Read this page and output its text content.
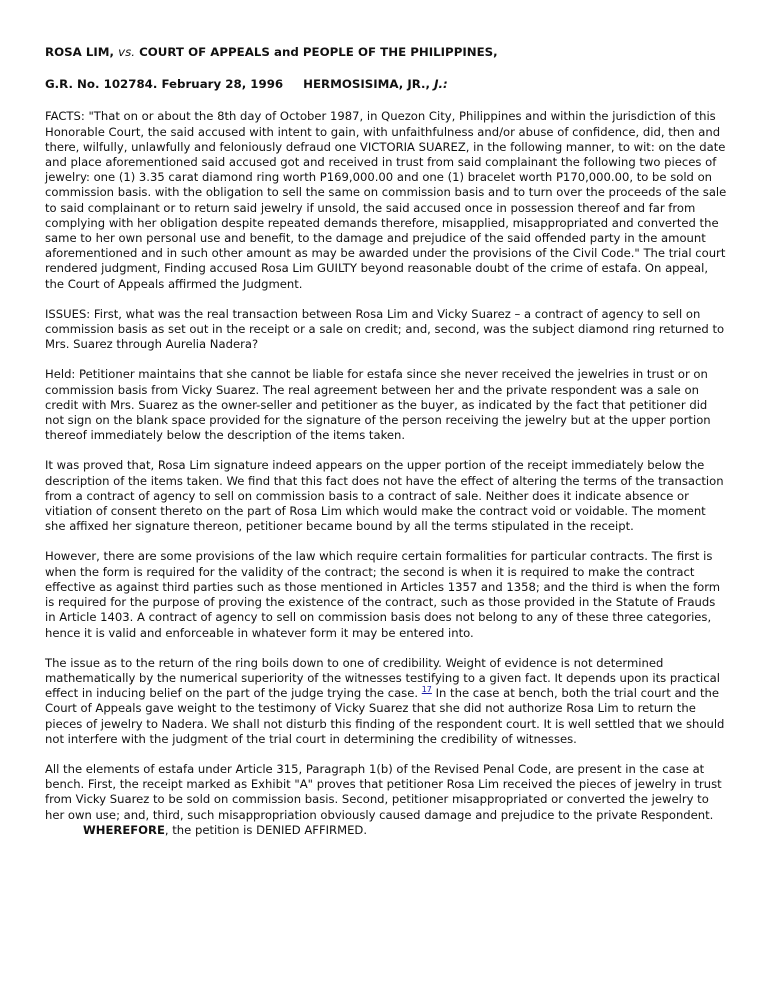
ROSA LIM, vs. COURT OF APPEALS and PEOPLE OF THE PHILIPPINES,
G.R. No. 102784. February 28, 1996 HERMOSISIMA, JR., J.:

FACTS: "That on or about the 8th day of October 1987, in Quezon City, Philippines and within the jurisdiction of this Honorable Court, the said accused with intent to gain, with unfaithfulness and/or abuse of confidence, did, then and there, wilfully, unlawfully and feloniously defraud one VICTORIA SUAREZ, in the following manner, to wit: on the date and place aforementioned said accused got and received in trust from said complainant the following two pieces of jewelry: one (1) 3.35 carat diamond ring worth P169,000.00 and one (1) bracelet worth P170,000.00, to be sold on commission basis. with the obligation to sell the same on commission basis and to turn over the proceeds of the sale to said complainant or to return said jewelry if unsold, the said accused once in possession thereof and far from complying with her obligation despite repeated demands therefore, misapplied, misappropriated and converted the same to her own personal use and benefit, to the damage and prejudice of the said offended party in the amount aforementioned and in such other amount as may be awarded under the provisions of the Civil Code." The trial court rendered judgment, Finding accused Rosa Lim GUILTY beyond reasonable doubt of the crime of estafa. On appeal, the Court of Appeals affirmed the Judgment.

ISSUES: First, what was the real transaction between Rosa Lim and Vicky Suarez – a contract of agency to sell on commission basis as set out in the receipt or a sale on credit; and, second, was the subject diamond ring returned to Mrs. Suarez through Aurelia Nadera?

Held: Petitioner maintains that she cannot be liable for estafa since she never received the jewelries in trust or on commission basis from Vicky Suarez. The real agreement between her and the private respondent was a sale on credit with Mrs. Suarez as the owner-seller and petitioner as the buyer, as indicated by the fact that petitioner did not sign on the blank space provided for the signature of the person receiving the jewelry but at the upper portion thereof immediately below the description of the items taken.

It was proved that, Rosa Lim signature indeed appears on the upper portion of the receipt immediately below the description of the items taken. We find that this fact does not have the effect of altering the terms of the transaction from a contract of agency to sell on commission basis to a contract of sale. Neither does it indicate absence or vitiation of consent thereto on the part of Rosa Lim which would make the contract void or voidable. The moment she affixed her signature thereon, petitioner became bound by all the terms stipulated in the receipt.

However, there are some provisions of the law which require certain formalities for particular contracts. The first is when the form is required for the validity of the contract; the second is when it is required to make the contract effective as against third parties such as those mentioned in Articles 1357 and 1358; and the third is when the form is required for the purpose of proving the existence of the contract, such as those provided in the Statute of Frauds in Article 1403. A contract of agency to sell on commission basis does not belong to any of these three categories, hence it is valid and enforceable in whatever form it may be entered into.

The issue as to the return of the ring boils down to one of credibility. Weight of evidence is not determined mathematically by the numerical superiority of the witnesses testifying to a given fact. It depends upon its practical effect in inducing belief on the part of the judge trying the case. $^{17}$ In the case at bench, both the trial court and the Court of Appeals gave weight to the testimony of Vicky Suarez that she did not authorize Rosa Lim to return the pieces of jewelry to Nadera. We shall not disturb this finding of the respondent court. It is well settled that we should not interfere with the judgment of the trial court in determining the credibility of witnesses.

All the elements of estafa under Article 315, Paragraph 1(b) of the Revised Penal Code, are present in the case at bench. First, the receipt marked as Exhibit "A" proves that petitioner Rosa Lim received the pieces of jewelry in trust from Vicky Suarez to be sold on commission basis. Second, petitioner misappropriated or converted the jewelry to her own use; and, third, such misappropriation obviously caused damage and prejudice to the private Respondent.WHEREFORE, the petition is DENIED AFFIRMED.
